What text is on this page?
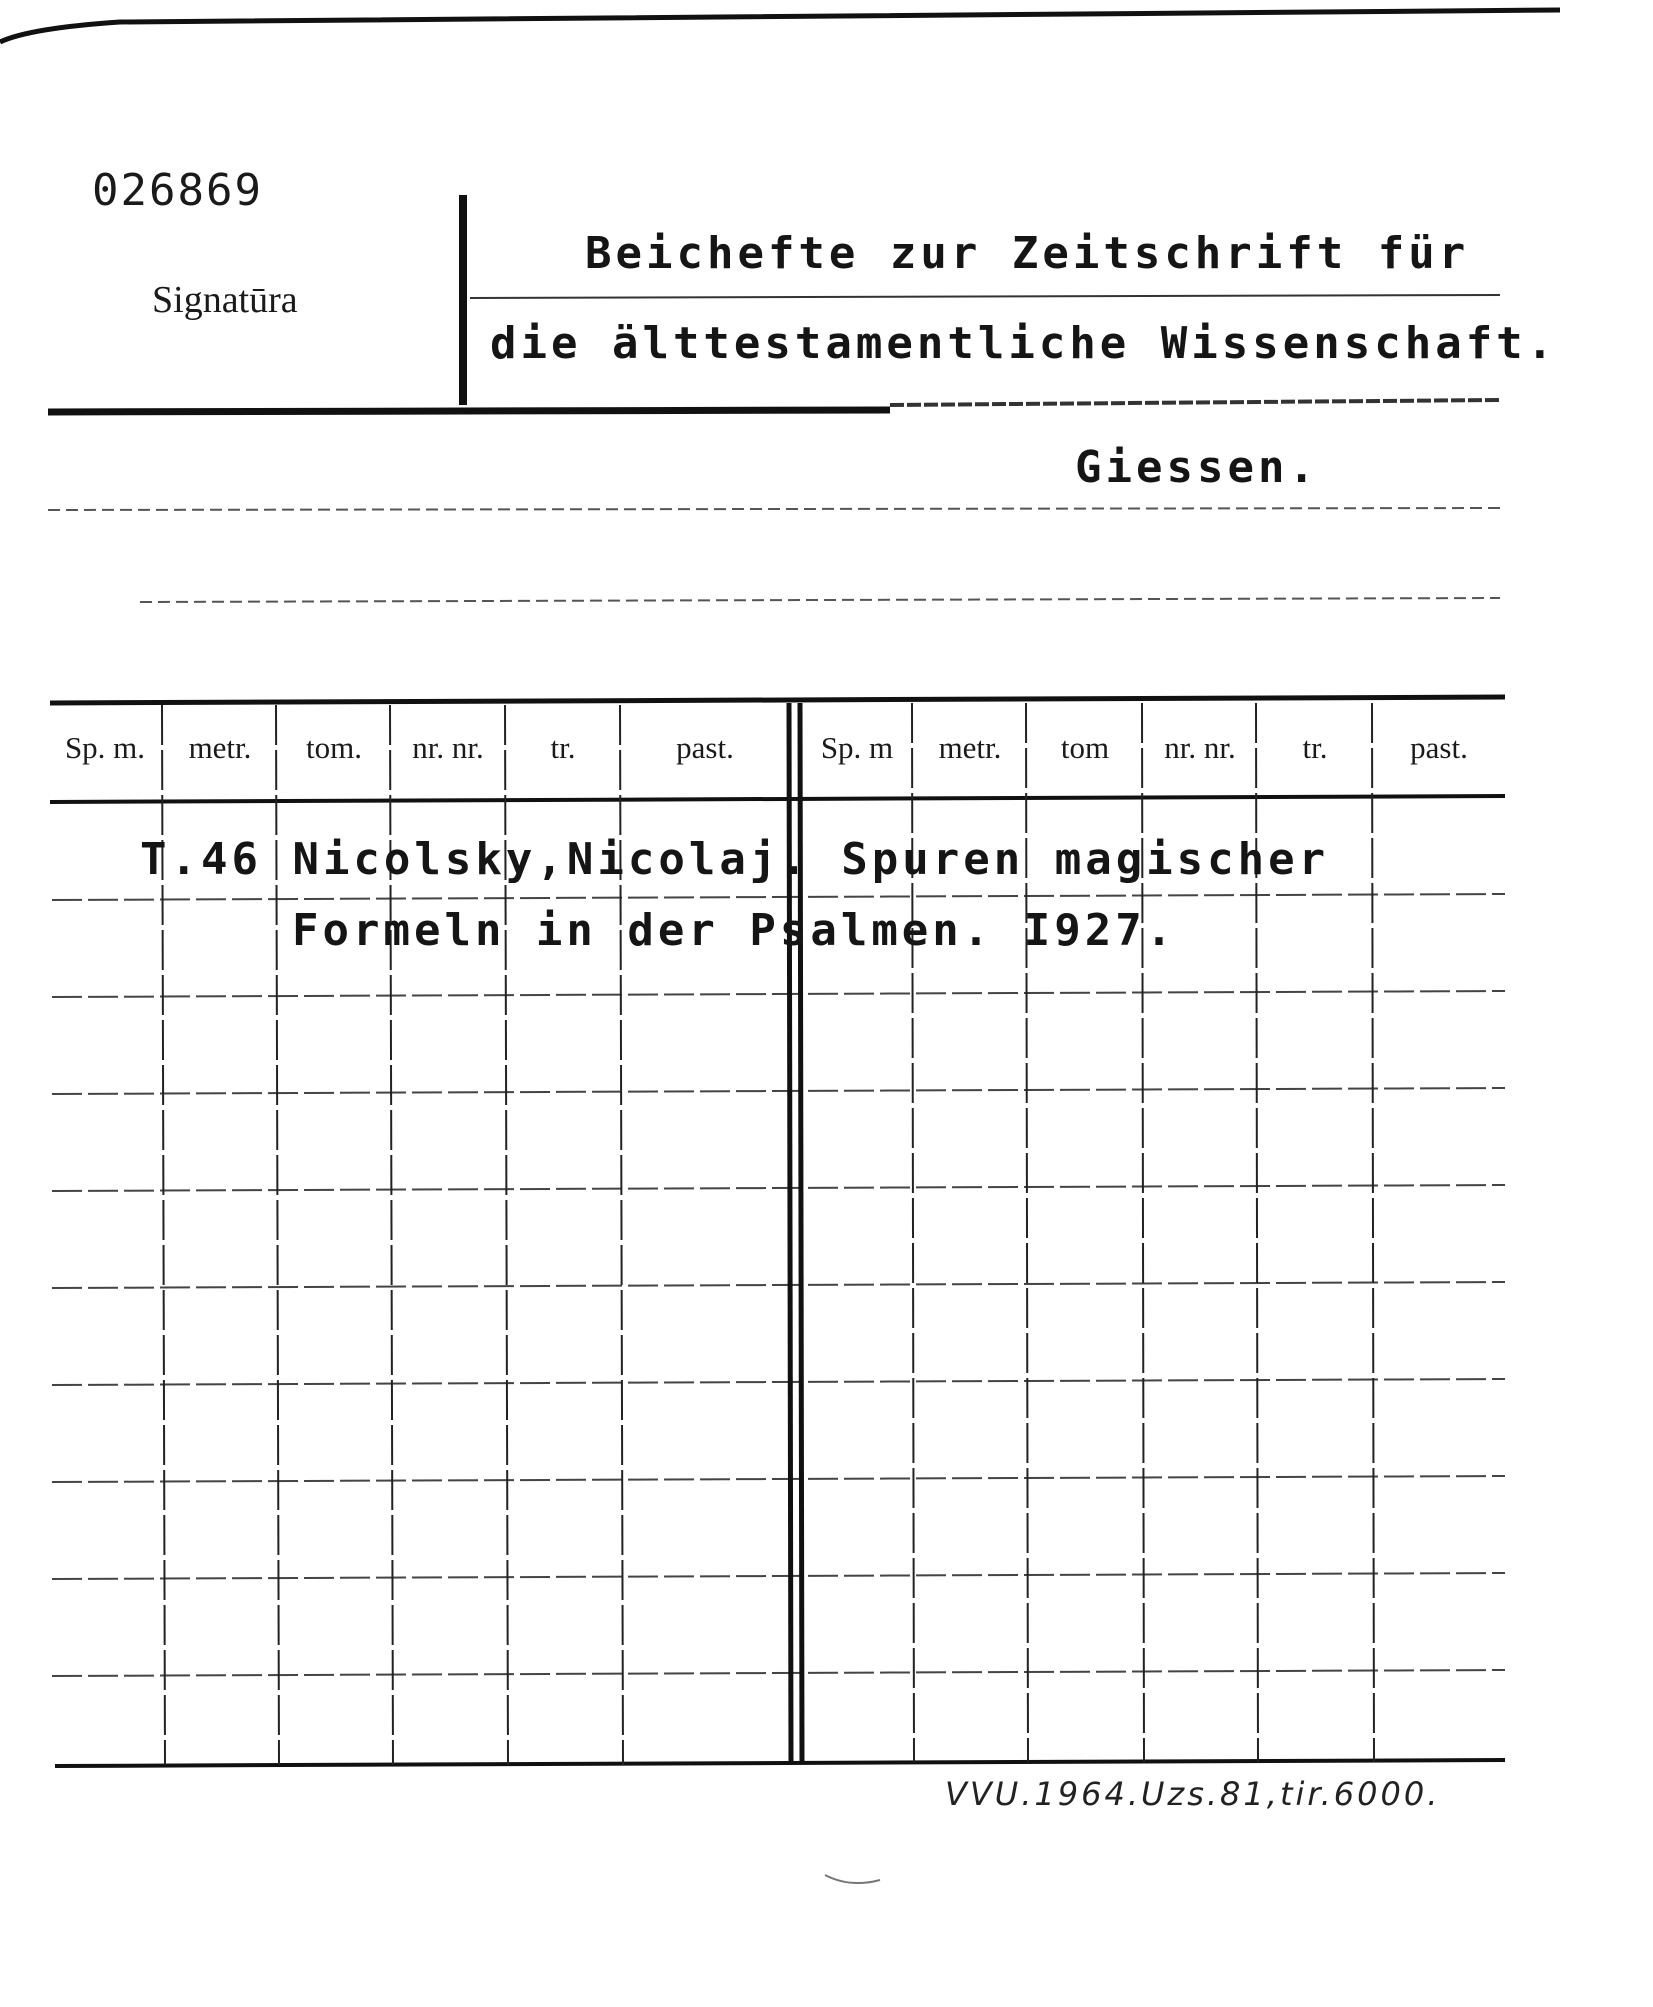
026869
Signatūra
Beichefte zur Zeitschrift für
die älttestamentliche Wissenschaft.
Giessen.
Sp. m.	metr.	tom.	nr. nr.	tr.	past.	Sp. m	metr.	tom	nr. nr.	tr.	past.
T.46 Nicolsky,Nicolaj. Spuren magischer
Formeln in der Psalmen. I927.
VVU.1964.Uzs.81,tir.6000.
